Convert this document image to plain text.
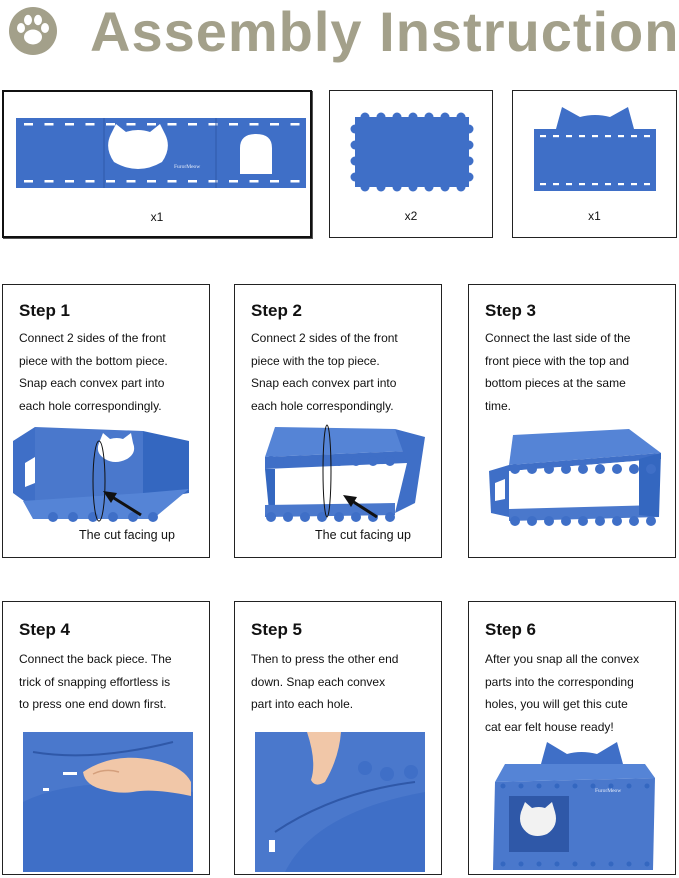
Assembly Instruction
FurorMeow
x1	x2	x1
Step 1
Connect 2 sides of the front
piece with the bottom piece.
Snap each convex part into
each hole correspondingly.
The cut facing up
Step 2
Connect 2 sides of the front
piece with the top piece.
Snap each convex part into
each hole correspondingly.
The cut facing up
Step 3
Connect the last side of the
front piece with the top and
bottom pieces at the same
time.
Step 4
Connect the back piece. The
trick of snapping effortless is
to press one end down first.
Step 5
Then to press the other end
down. Snap each convex
part into each hole.
Step 6
After you snap all the convex
parts into the corresponding
holes, you will get this cute
cat ear felt house ready!
FurorMeow
